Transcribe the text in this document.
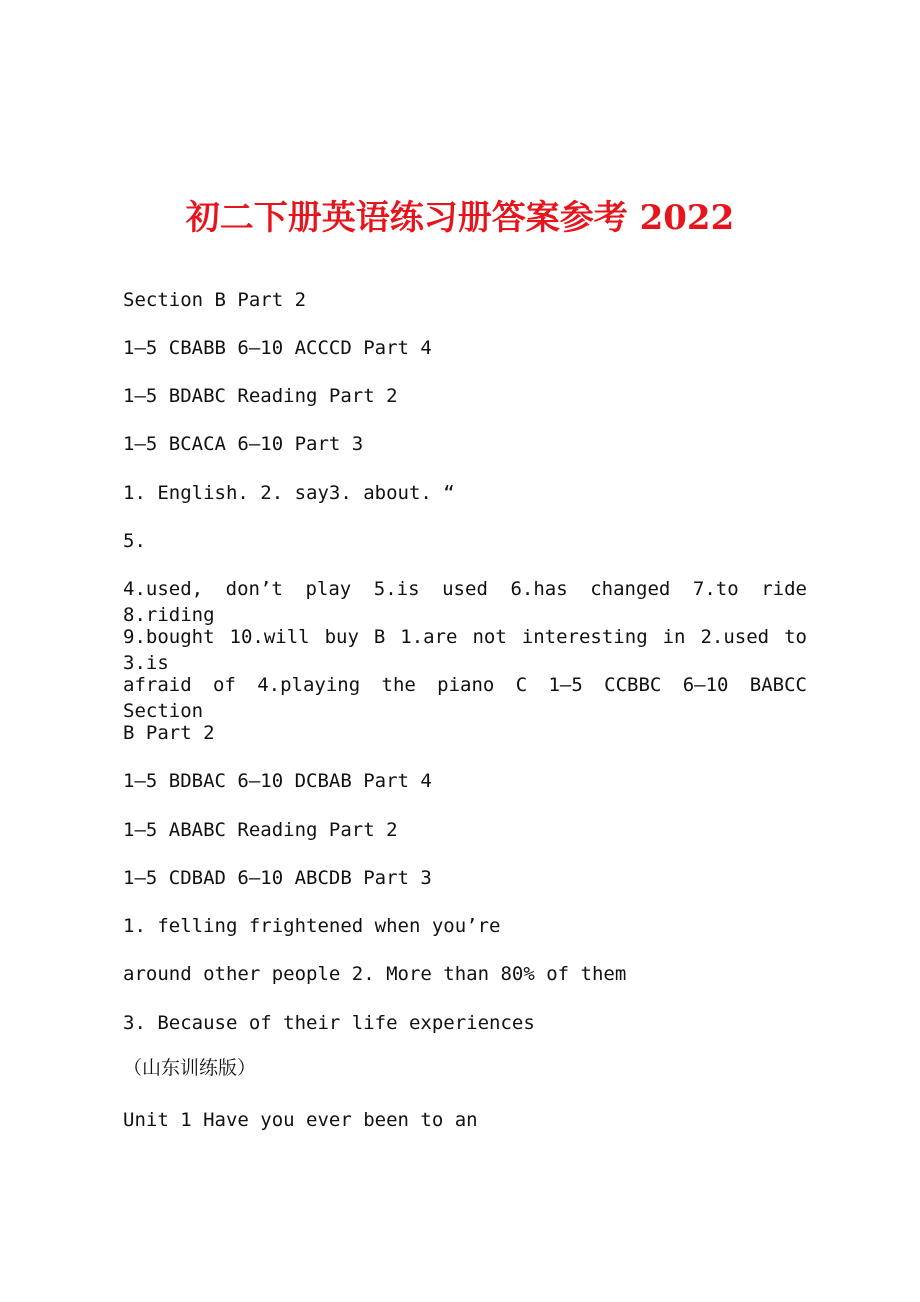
初二下册英语练习册答案参考 2022
Section B Part 2
1—5 CBABB 6—10 ACCCD Part 4
1—5 BDABC Reading Part 2
1—5 BCACA 6—10 Part 3
1. English. 2. say3. about. “
5.
4.used, don’t play 5.is used 6.has changed 7.to ride 8.riding
9.bought 10.will buy B 1.are not interesting in 2.used to 3.is
afraid of 4.playing the piano C 1—5 CCBBC 6—10 BABCC Section
B Part 2
1—5 BDBAC 6—10 DCBAB Part 4
1—5 ABABC Reading Part 2
1—5 CDBAD 6—10 ABCDB Part 3
1. felling frightened when you’re
around other people 2. More than 80% of them
3. Because of their life experiences
（山东训练版）
Unit 1 Have you ever been to an
